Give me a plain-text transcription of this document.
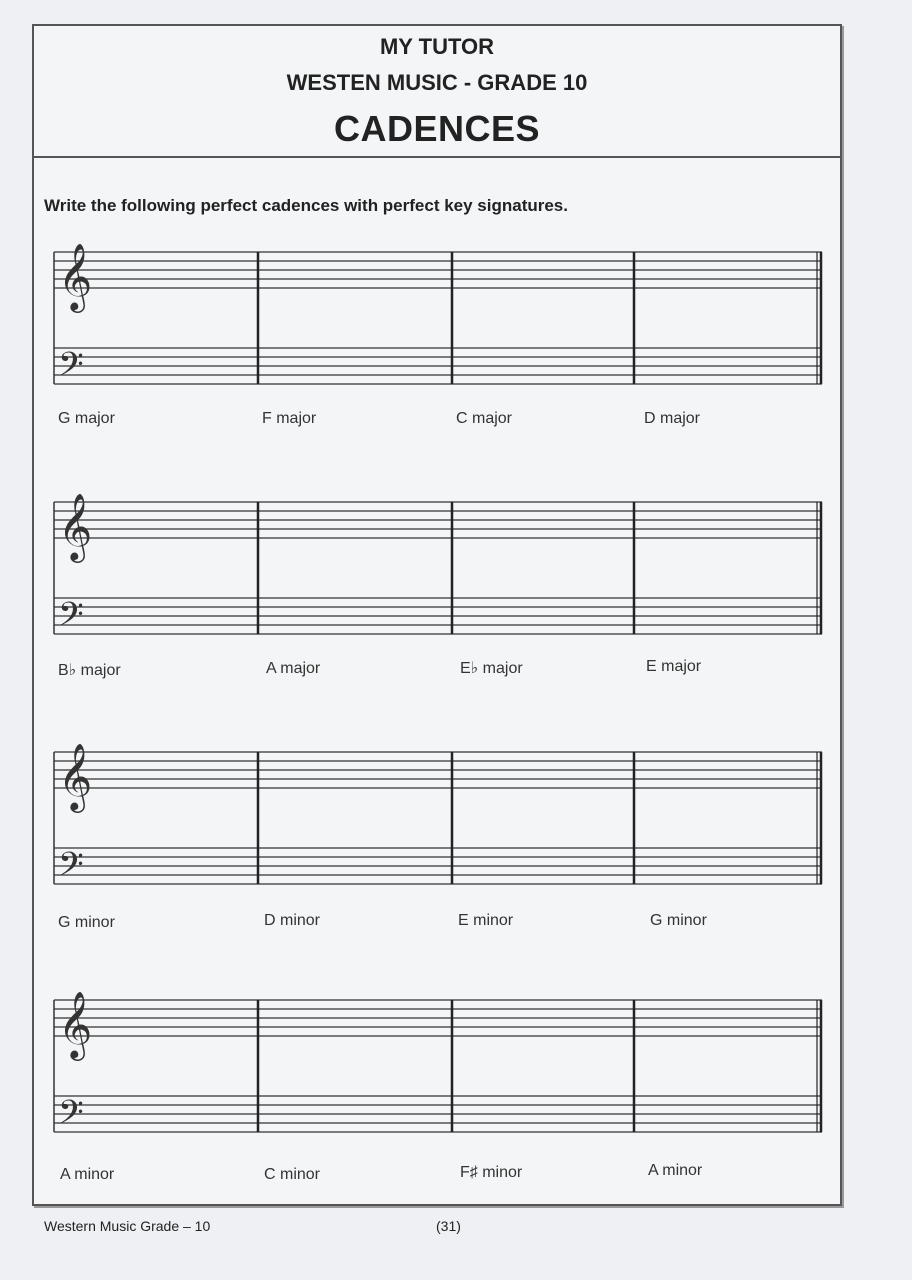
MY TUTOR
WESTEN MUSIC - GRADE 10
CADENCES
Write the following perfect cadences with perfect key signatures.
𝄞
𝄢
G major	F major	C major	D major
𝄞
𝄢
B♭ major	A major	E♭ major	E major
𝄞
𝄢
G minor	D minor	E minor	G minor
𝄞
𝄢
A minor	C minor	F♯ minor	A minor
Western Music Grade – 10	(31)
